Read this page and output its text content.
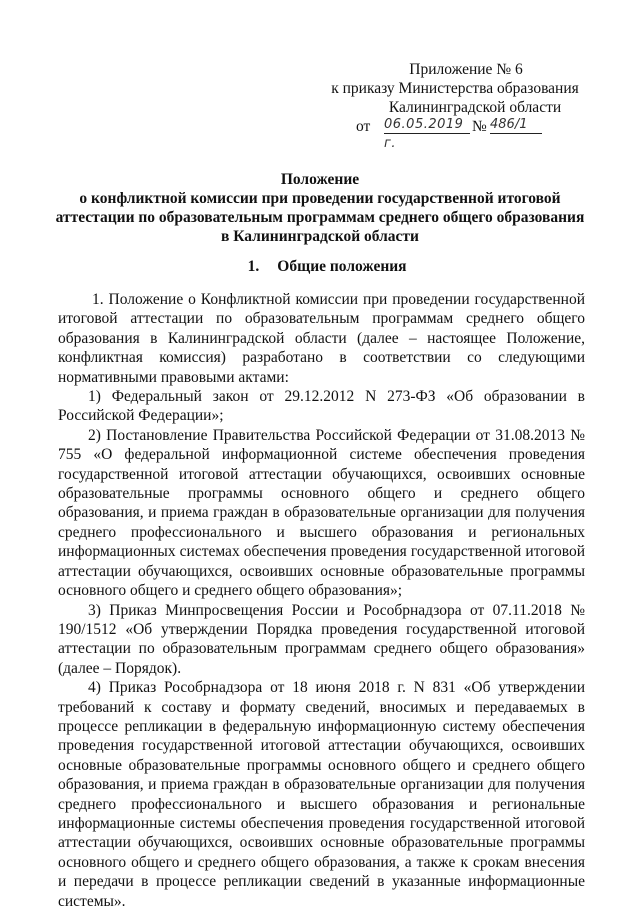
Приложение № 6
к приказу Министерства образования
Калининградской области
от 06.05.2019 г.
№ 486/1
Положение
о конфликтной комиссии при проведении государственной итоговой
аттестации по образовательным программам среднего общего образования
в Калининградской области
1. Общие положения

1. Положение о Конфликтной комиссии при проведении государственной итоговой аттестации по образовательным программам среднего общего образования в Калининградской области (далее – настоящее Положение, конфликтная комиссия) разработано в соответствии со следующими нормативными правовыми актами:

1) Федеральный закон от 29.12.2012 N 273-ФЗ «Об образовании в Российской Федерации»;

2) Постановление Правительства Российской Федерации от 31.08.2013 № 755 «О федеральной информационной системе обеспечения проведения государственной итоговой аттестации обучающихся, освоивших основные образовательные программы основного общего и среднего общего образования, и приема граждан в образовательные организации для получения среднего профессионального и высшего образования и региональных информационных системах обеспечения проведения государственной итоговой аттестации обучающихся, освоивших основные образовательные программы основного общего и среднего общего образования»;

3) Приказ Минпросвещения России и Рособрнадзора от 07.11.2018 № 190/1512 «Об утверждении Порядка проведения государственной итоговой аттестации по образовательным программам среднего общего образования» (далее – Порядок).

4) Приказ Рособрнадзора от 18 июня 2018 г. N 831 «Об утверждении требований к составу и формату сведений, вносимых и передаваемых в процессе репликации в федеральную информационную систему обеспечения проведения государственной итоговой аттестации обучающихся, освоивших основные образовательные программы основного общего и среднего общего образования, и приема граждан в образовательные организации для получения среднего профессионального и высшего образования и региональные информационные системы обеспечения проведения государственной итоговой аттестации обучающихся, освоивших основные образовательные программы основного общего и среднего общего образования, а также к срокам внесения и передачи в процессе репликации сведений в указанные информационные системы».
